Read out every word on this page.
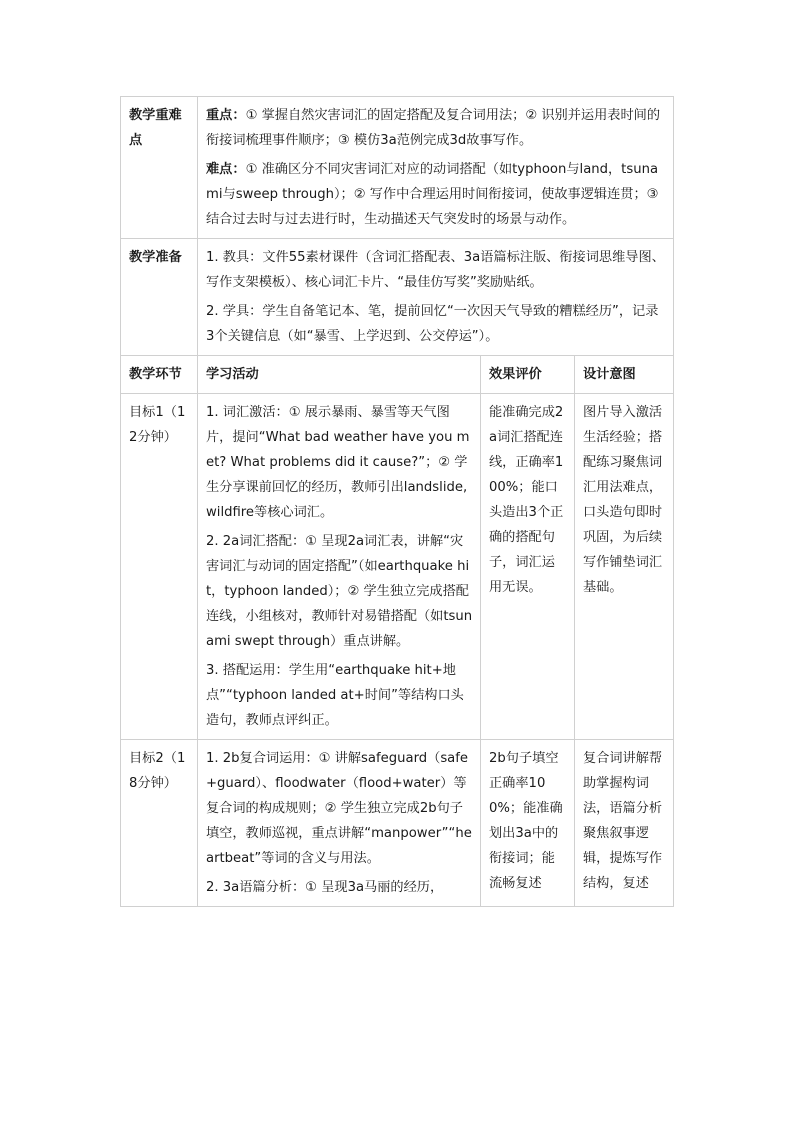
教学重难点	重点：① 掌握自然灾害词汇的固定搭配及复合词用法；② 识别并运用表时间的衔接词梳理事件顺序；③ 模仿3a范例完成3d故事写作。

难点：① 准确区分不同灾害词汇对应的动词搭配（如typhoon与land，tsunami与sweep through）；② 写作中合理运用时间衔接词，使故事逻辑连贯；③ 结合过去时与过去进行时，生动描述天气突发时的场景与动作。		

教学准备	1. 教具：文件55素材课件（含词汇搭配表、3a语篇标注版、衔接词思维导图、写作支架模板）、核心词汇卡片、“最佳仿写奖”奖励贴纸。

2. 学具：学生自备笔记本、笔，提前回忆“一次因天气导致的糟糕经历”，记录3个关键信息（如“暴雪、上学迟到、公交停运”）。		

教学环节	学习活动	效果评价	设计意图
目标1（12分钟）	1. 词汇激活：① 展示暴雨、暴雪等天气图片，提问“What bad weather have you met? What problems did it cause?”；② 学生分享课前回忆的经历，教师引出landslide, wildfire等核心词汇。

2. 2a词汇搭配：① 呈现2a词汇表，讲解“灾害词汇与动词的固定搭配”（如earthquake hit，typhoon landed）；② 学生独立完成搭配连线，小组核对，教师针对易错搭配（如tsunami swept through）重点讲解。

3. 搭配运用：学生用“earthquake hit+地点”“typhoon landed at+时间”等结构口头造句，教师点评纠正。	能准确完成2a词汇搭配连线，正确率100%；能口头造出3个正确的搭配句子，词汇运用无误。	图片导入激活生活经验；搭配练习聚焦词汇用法难点，口头造句即时巩固，为后续写作铺垫词汇基础。
目标2（18分钟）	1. 2b复合词运用：① 讲解safeguard（safe+guard）、floodwater（flood+water）等复合词的构成规则；② 学生独立完成2b句子填空，教师巡视，重点讲解“manpower”“heartbeat”等词的含义与用法。

2. 3a语篇分析：① 呈现3a马丽的经历，	2b句子填空正确率100%；能准确划出3a中的衔接词；能流畅复述	复合词讲解帮助掌握构词法，语篇分析聚焦叙事逻辑，提炼写作结构，复述
